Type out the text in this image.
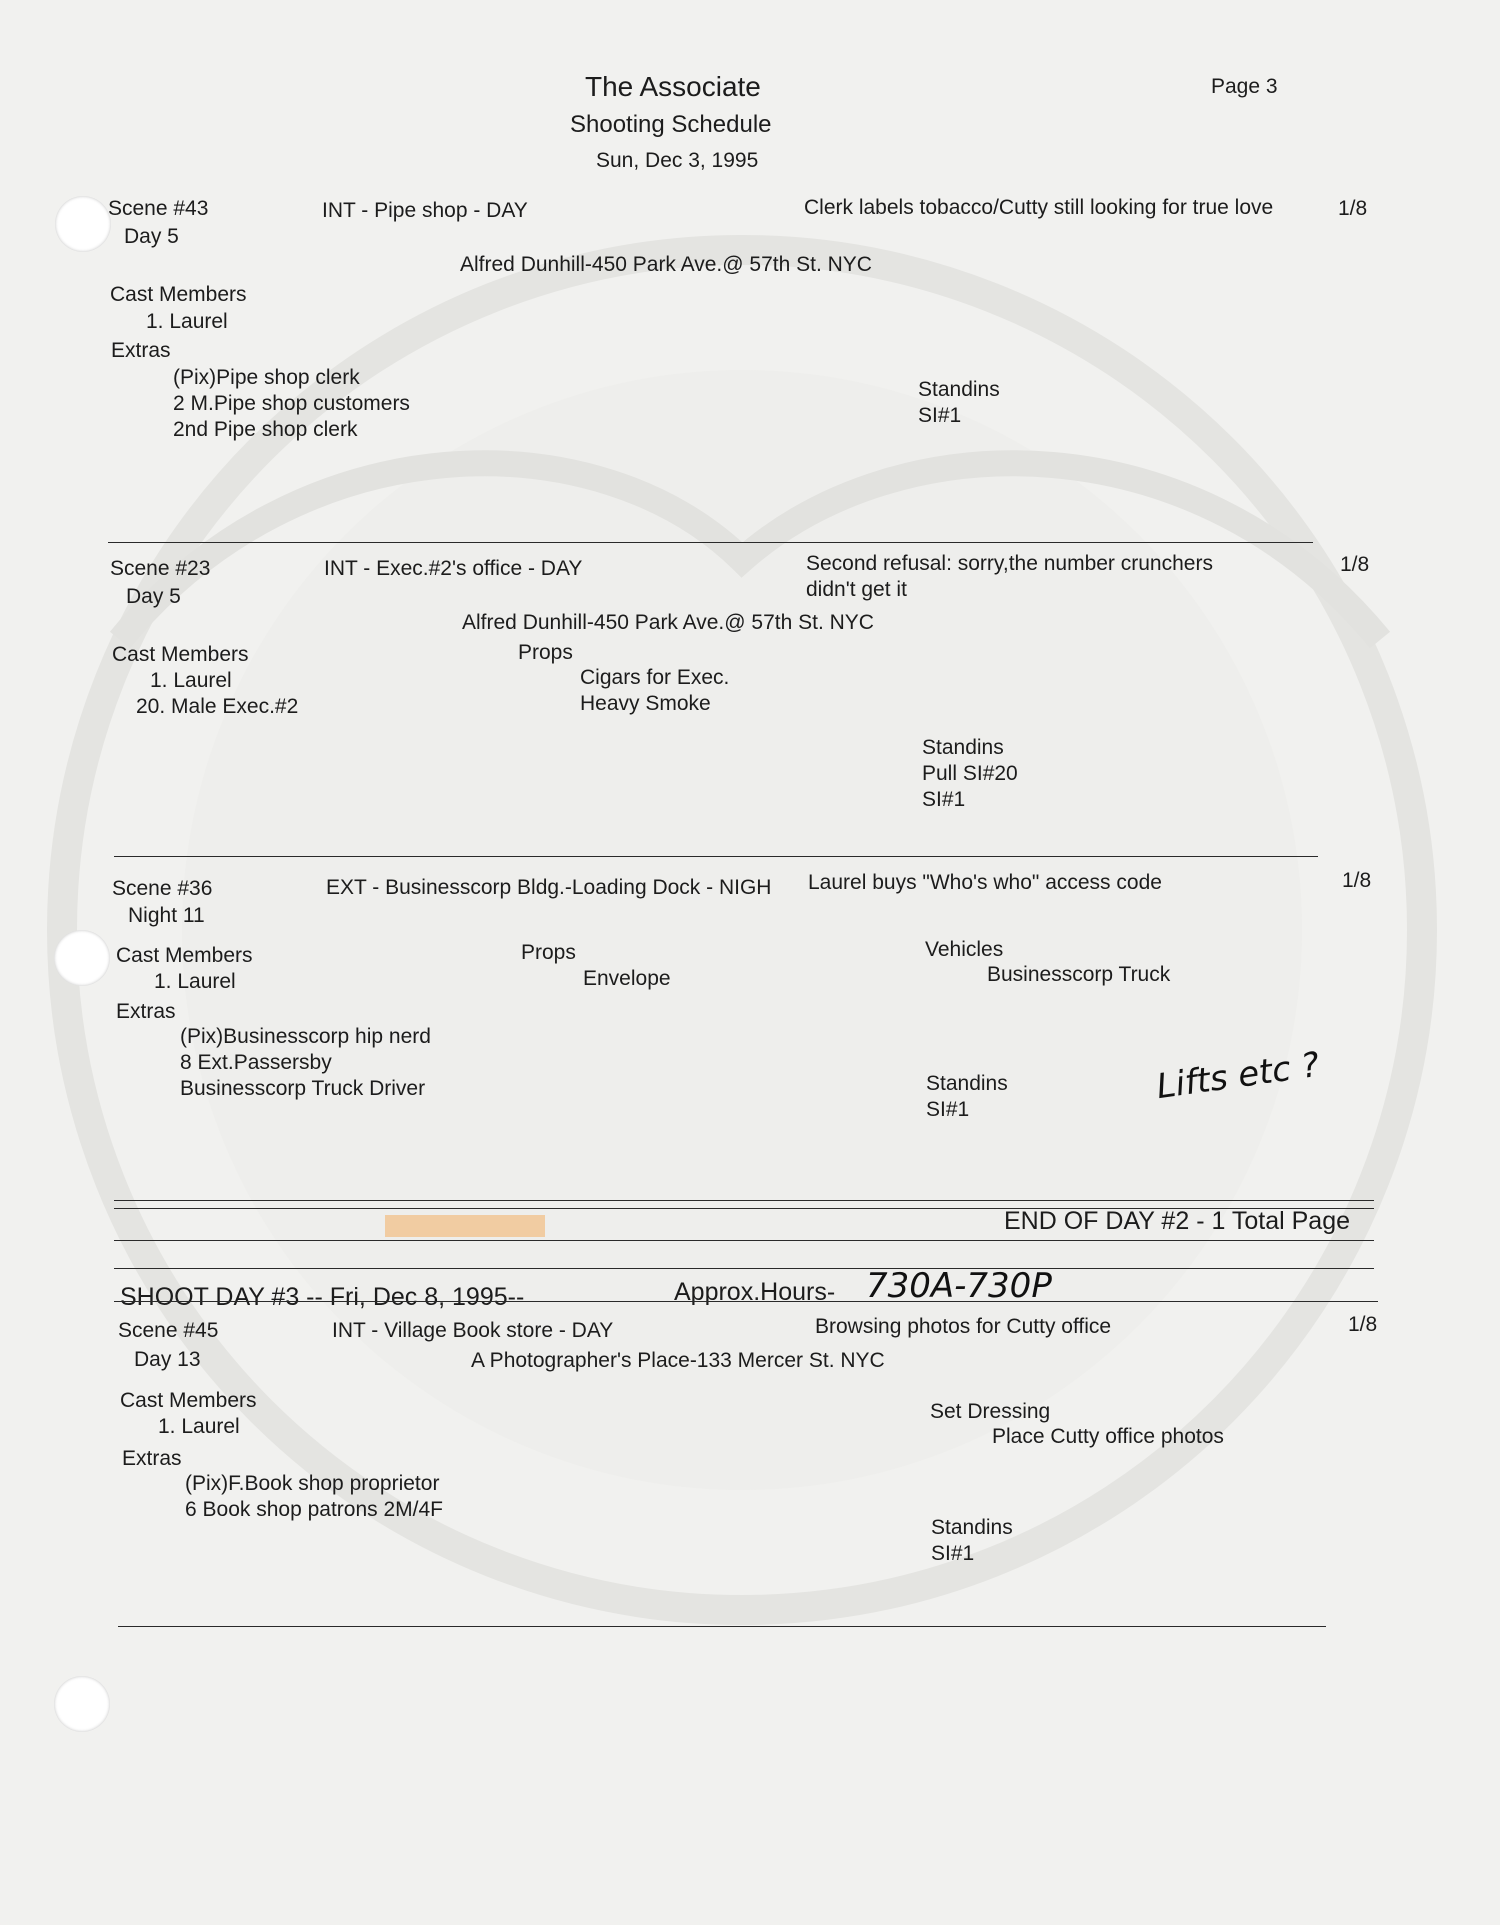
The Associate
Shooting Schedule
Sun, Dec 3, 1995
Page 3
Scene #43
Day 5
INT - Pipe shop - DAY	Clerk labels tobacco/Cutty still looking for true love	1/8
Alfred Dunhill-450 Park Ave.@ 57th St. NYC
Cast Members
1. Laurel
Extras
(Pix)Pipe shop clerk
2 M.Pipe shop customers
2nd Pipe shop clerk
Standins
SI#1
Scene #23
Day 5
INT - Exec.#2's office - DAY	Second refusal: sorry,the number crunchers didn't get it
1/8
Alfred Dunhill-450 Park Ave.@ 57th St. NYC
Cast Members
1. Laurel
20. Male Exec.#2
Props
Cigars for Exec.
Heavy Smoke
Standins
Pull SI#20
SI#1
Scene #36
Night 11
EXT - Businesscorp Bldg.-Loading Dock - NIGH	Laurel buys "Who's who" access code	1/8
Cast Members
1. Laurel
Extras
(Pix)Businesscorp hip nerd
8 Ext.Passersby
Businesscorp Truck Driver
Props
Envelope
Vehicles
Businesscorp Truck
Standins
SI#1
Lifts etc ?
END OF DAY #2 - 1 Total Page
SHOOT DAY #3 -- Fri, Dec 8, 1995--	Approx.Hours- 730A-730P
Scene #45
Day 13
INT - Village Book store - DAY	Browsing photos for Cutty office	1/8
A Photographer's Place-133 Mercer St. NYC
Cast Members
1. Laurel
Extras
(Pix)F.Book shop proprietor
6 Book shop patrons 2M/4F
Set Dressing
Place Cutty office photos
Standins
SI#1
